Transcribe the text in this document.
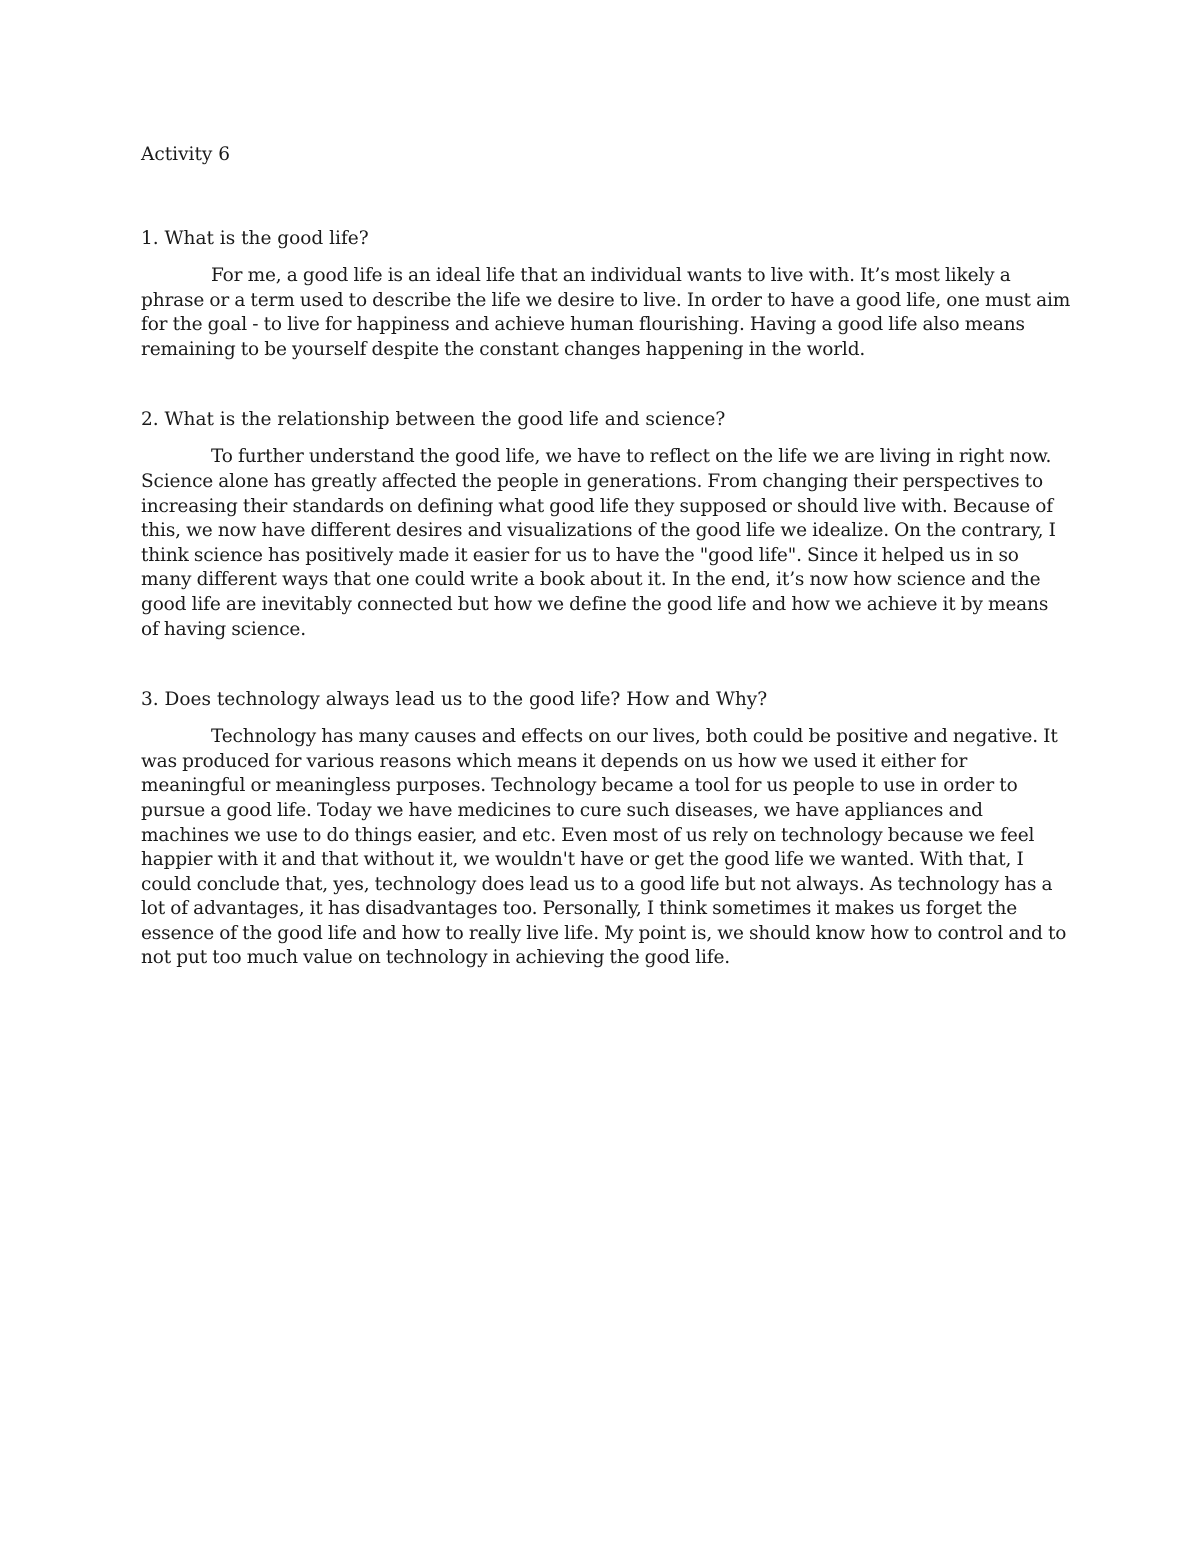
Activity 6

1. What is the good life?

For me, a good life is an ideal life that an individual wants to live with. It’s most likely a phrase or a term used to describe the life we desire to live. In order to have a good life, one must aim for the goal - to live for happiness and achieve human flourishing. Having a good life also means remaining to be yourself despite the constant changes happening in the world.

2. What is the relationship between the good life and science?

To further understand the good life, we have to reflect on the life we are living in right now. Science alone has greatly affected the people in generations. From changing their perspectives to increasing their standards on defining what good life they supposed or should live with. Because of this, we now have different desires and visualizations of the good life we idealize. On the contrary, I think science has positively made it easier for us to have the "good life". Since it helped us in so many different ways that one could write a book about it. In the end, it’s now how science and the good life are inevitably connected but how we define the good life and how we achieve it by means of having science.

3. Does technology always lead us to the good life? How and Why?

Technology has many causes and effects on our lives, both could be positive and negative. It was produced for various reasons which means it depends on us how we used it either for meaningful or meaningless purposes. Technology became a tool for us people to use in order to pursue a good life. Today we have medicines to cure such diseases, we have appliances and machines we use to do things easier, and etc. Even most of us rely on technology because we feel happier with it and that without it, we wouldn't have or get the good life we wanted. With that, I could conclude that, yes, technology does lead us to a good life but not always. As technology has a lot of advantages, it has disadvantages too. Personally, I think sometimes it makes us forget the essence of the good life and how to really live life. My point is, we should know how to control and to not put too much value on technology in achieving the good life.
